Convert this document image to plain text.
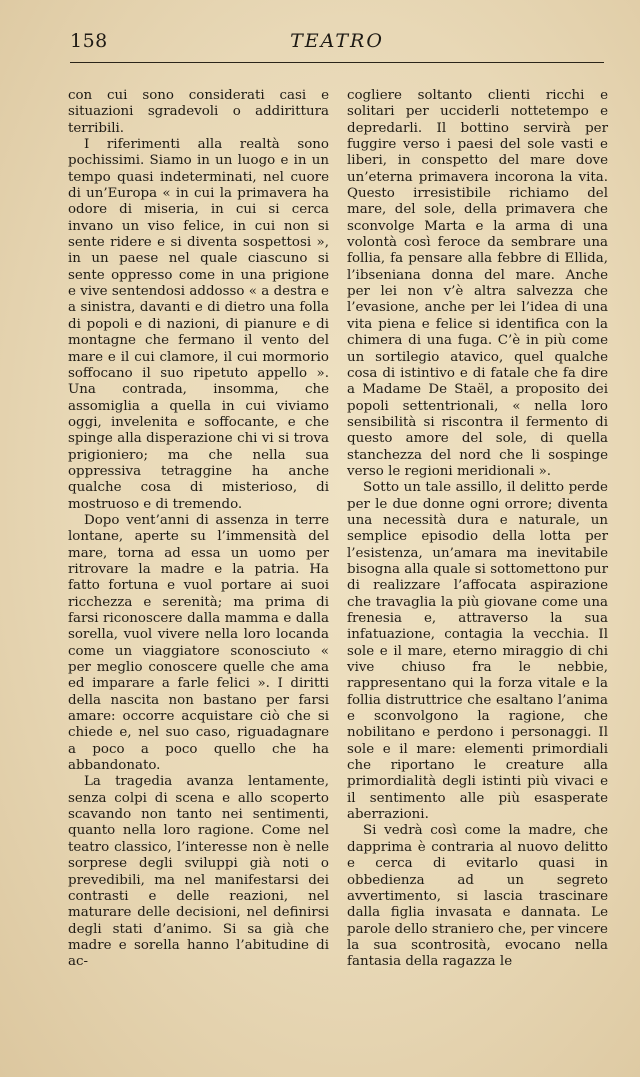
158	TEATRO

con cui sono considerati casi e situazioni sgradevoli o addirittura terribili.

I riferimenti alla realtà sono pochissimi. Siamo in un luogo e in un tempo quasi indeterminati, nel cuore di un’Europa « in cui la primavera ha odore di miseria, in cui si cerca invano un viso felice, in cui non si sente ridere e si diventa sospettosi », in un paese nel quale ciascuno si sente oppresso come in una prigione e vive sentendosi addosso « a destra e a sinistra, davanti e di dietro una folla di popoli e di nazioni, di pianure e di montagne che fermano il vento del mare e il cui clamore, il cui mormorio soffocano il suo ripetuto appello ». Una contrada, insomma, che assomiglia a quella in cui viviamo oggi, invelenita e soffocante, e che spinge alla disperazione chi vi si trova prigioniero; ma che nella sua oppressiva tetraggine ha anche qualche cosa di misterioso, di mostruoso e di tremendo.

Dopo vent’anni di assenza in terre lontane, aperte su l’immensità del mare, torna ad essa un uomo per ritrovare la madre e la patria. Ha fatto fortuna e vuol portare ai suoi ricchezza e serenità; ma prima di farsi riconoscere dalla mamma e dalla sorella, vuol vivere nella loro locanda come un viaggiatore sconosciuto « per meglio conoscere quelle che ama ed imparare a farle felici ». I diritti della nascita non bastano per farsi amare: occorre acquistare ciò che si chiede e, nel suo caso, riguadagnare a poco a poco quello che ha abbandonato.

La tragedia avanza lentamente, senza colpi di scena e allo scoperto scavando non tanto nei sentimenti, quanto nella loro ragione. Come nel teatro classico, l’interesse non è nelle sorprese degli sviluppi già noti o prevedibili, ma nel manifestarsi dei contrasti e delle reazioni, nel maturare delle decisioni, nel definirsi degli stati d’animo. Si sa già che madre e sorella hanno l’abitudine di ac-

cogliere soltanto clienti ricchi e solitari per ucciderli nottetempo e depredarli. Il bottino servirà per fuggire verso i paesi del sole vasti e liberi, in conspetto del mare dove un’eterna primavera incorona la vita. Questo irresistibile richiamo del mare, del sole, della primavera che sconvolge Marta e la arma di una volontà così feroce da sembrare una follia, fa pensare alla febbre di Ellida, l’ibseniana donna del mare. Anche per lei non v’è altra salvezza che l’evasione, anche per lei l’idea di una vita piena e felice si identifica con la chimera di una fuga. C’è in più come un sortilegio atavico, quel qualche cosa di istintivo e di fatale che fa dire a Madame De Staël, a proposito dei popoli settentrionali, « nella loro sensibilità si riscontra il fermento di questo amore del sole, di quella stanchezza del nord che li sospinge verso le regioni meridionali ».

Sotto un tale assillo, il delitto perde per le due donne ogni orrore; diventa una necessità dura e naturale, un semplice episodio della lotta per l’esistenza, un’amara ma inevitabile bisogna alla quale si sottomettono pur di realizzare l’affocata aspirazione che travaglia la più giovane come una frenesia e, attraverso la sua infatuazione, contagia la vecchia. Il sole e il mare, eterno miraggio di chi vive chiuso fra le nebbie, rappresentano qui la forza vitale e la follia distruttrice che esaltano l’anima e sconvolgono la ragione, che nobilitano e perdono i personaggi. Il sole e il mare: elementi primordiali che riportano le creature alla primordialità degli istinti più vivaci e il sentimento alle più esasperate aberrazioni.

Si vedrà così come la madre, che dapprima è contraria al nuovo delitto e cerca di evitarlo quasi in obbedienza ad un segreto avvertimento, si lascia trascinare dalla figlia invasata e dannata. Le parole dello straniero che, per vincere la sua scontrosità, evocano nella fantasia della ragazza le
